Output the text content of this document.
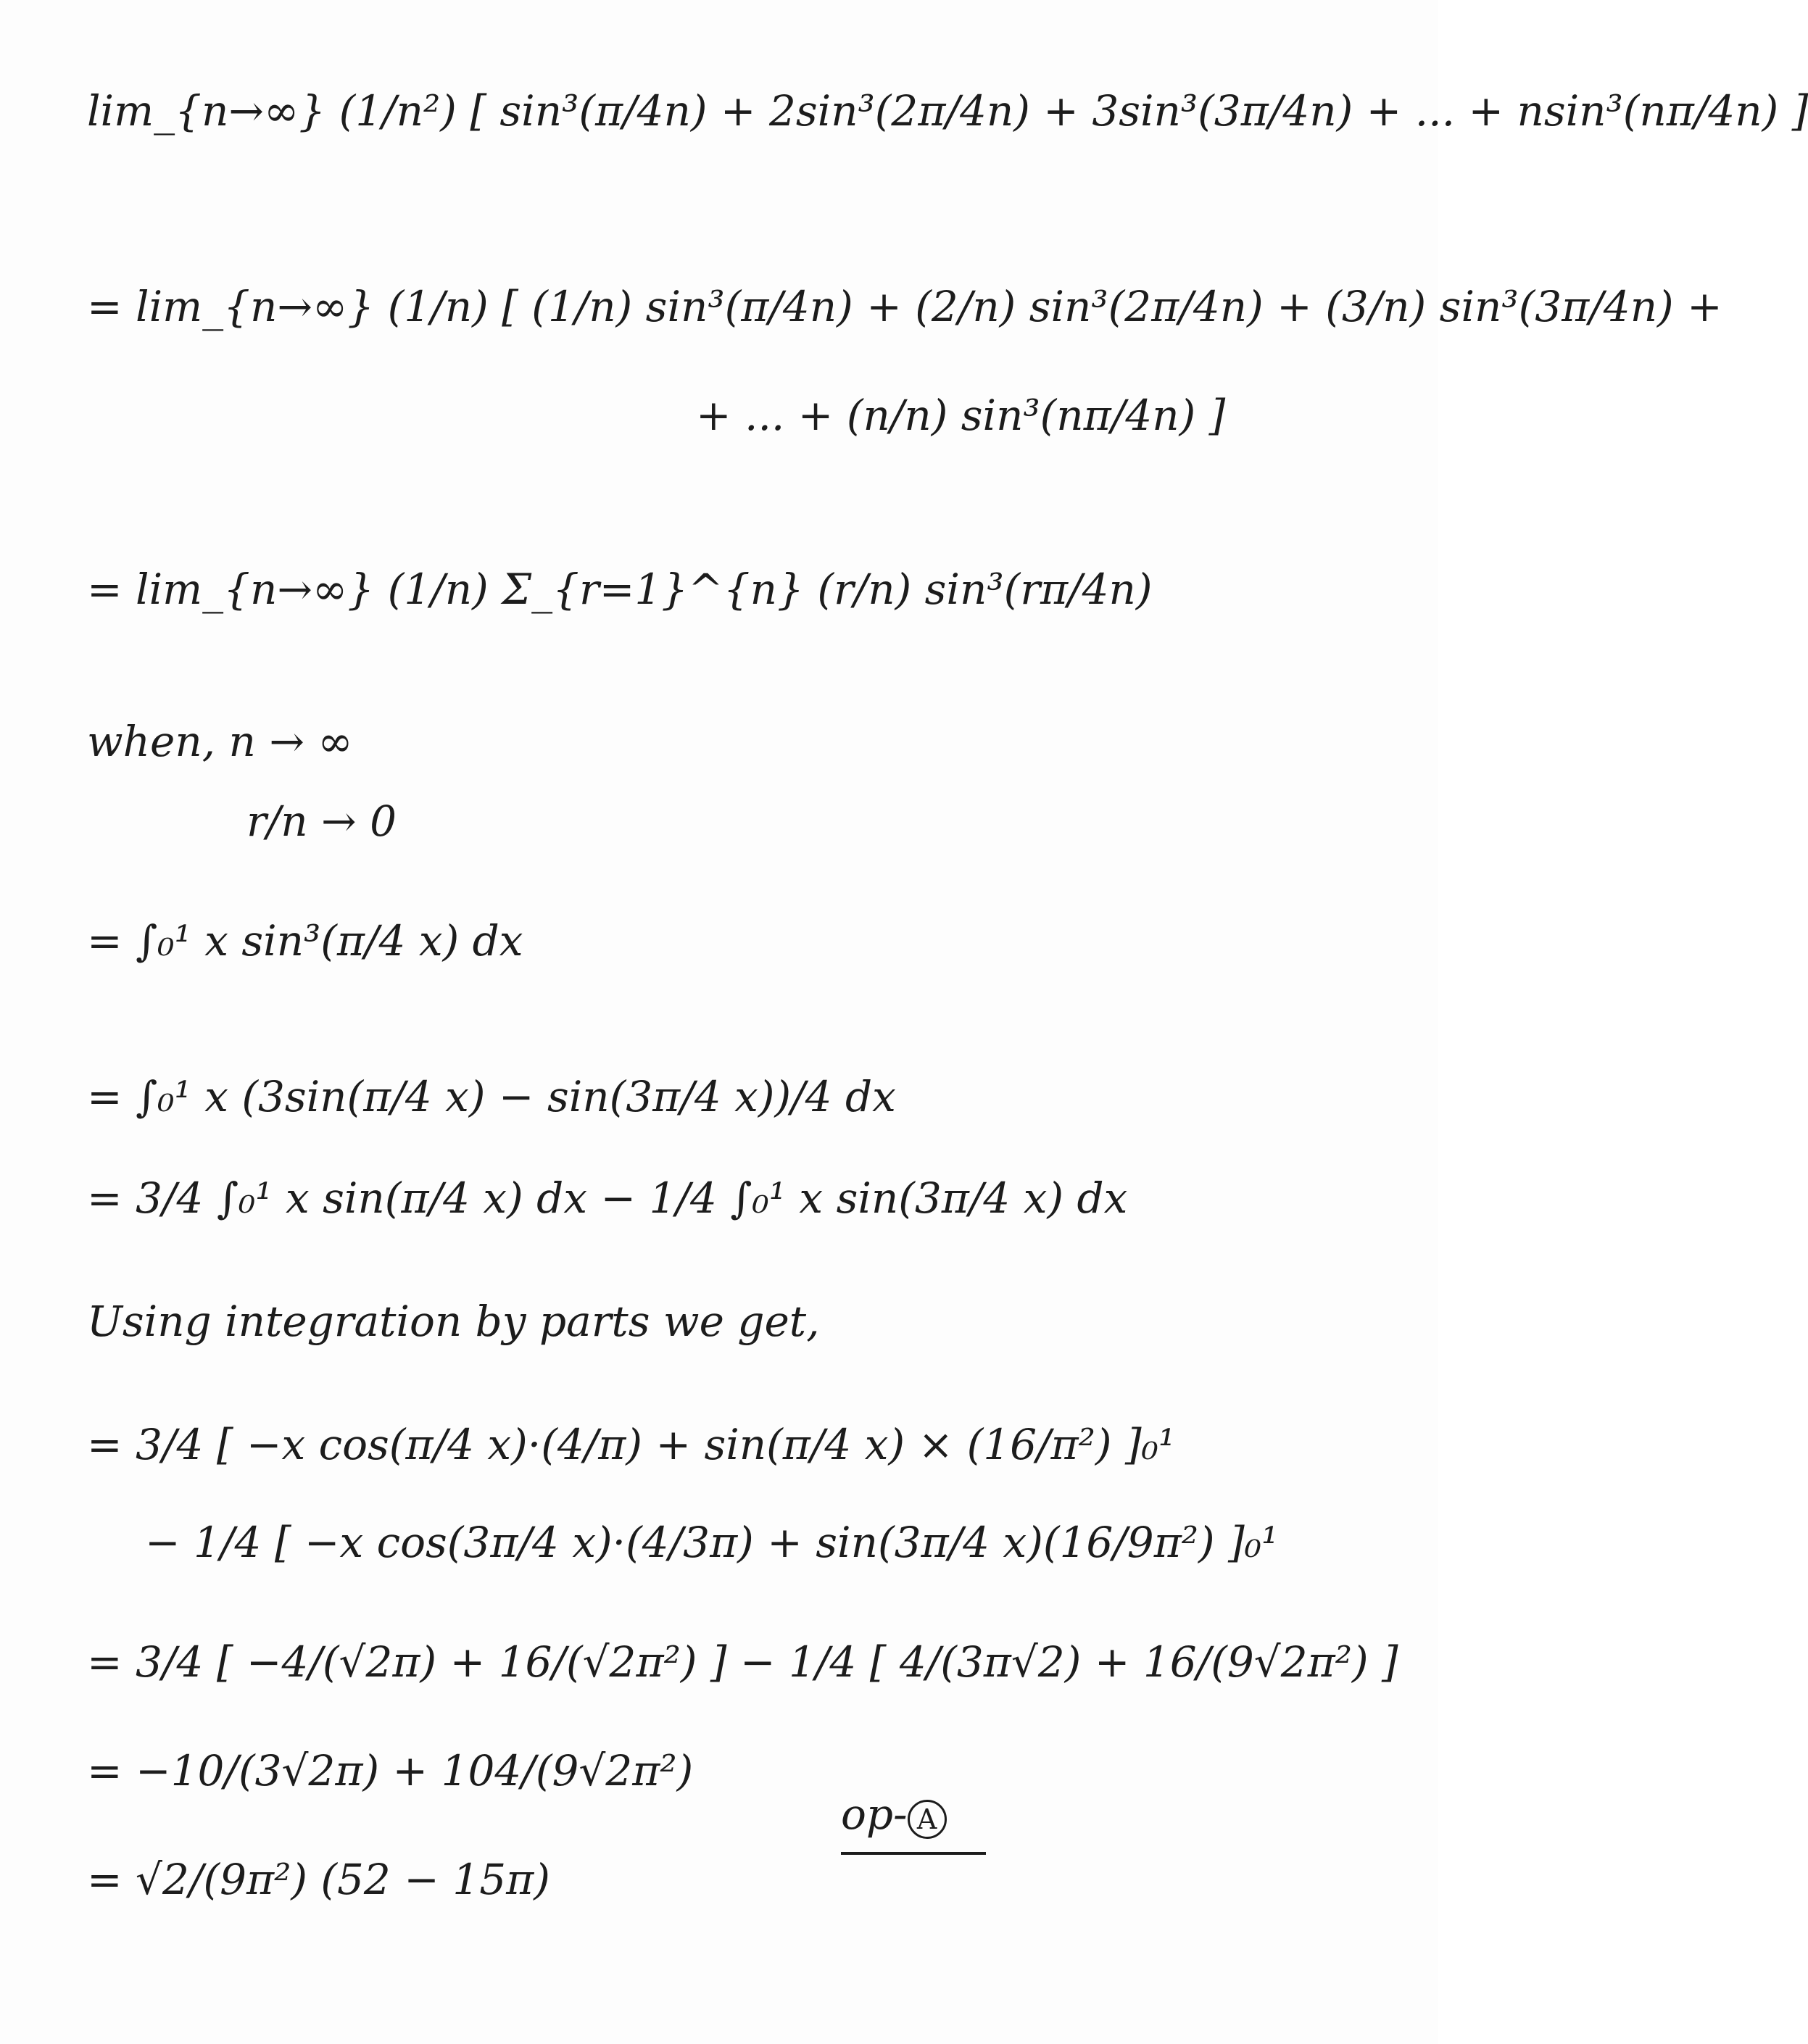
lim_{n→∞} (1/n²) [ sin³(π/4n) + 2sin³(2π/4n) + 3sin³(3π/4n) + ... + nsin³(nπ/4n) ]
= lim_{n→∞} (1/n) [ (1/n) sin³(π/4n) + (2/n) sin³(2π/4n) + (3/n) sin³(3π/4n) +
+ ... + (n/n) sin³(nπ/4n) ]
= lim_{n→∞} (1/n) Σ_{r=1}^{n} (r/n) sin³(rπ/4n)
when, n → ∞
r/n → 0
= ∫₀¹ x sin³(π/4 x) dx
= ∫₀¹ x (3sin(π/4 x) − sin(3π/4 x))/4 dx
= 3/4 ∫₀¹ x sin(π/4 x) dx − 1/4 ∫₀¹ x sin(3π/4 x) dx
Using integration by parts we get,
= 3/4 [ −x cos(π/4 x)·(4/π) + sin(π/4 x) × (16/π²) ]₀¹
− 1/4 [ −x cos(3π/4 x)·(4/3π) + sin(3π/4 x)(16/9π²) ]₀¹
= 3/4 [ −4/(√2π) + 16/(√2π²) ] − 1/4 [ 4/(3π√2) + 16/(9√2π²) ]
= −10/(3√2π) + 104/(9√2π²)
= √2/(9π²) (52 − 15π)
op- A
